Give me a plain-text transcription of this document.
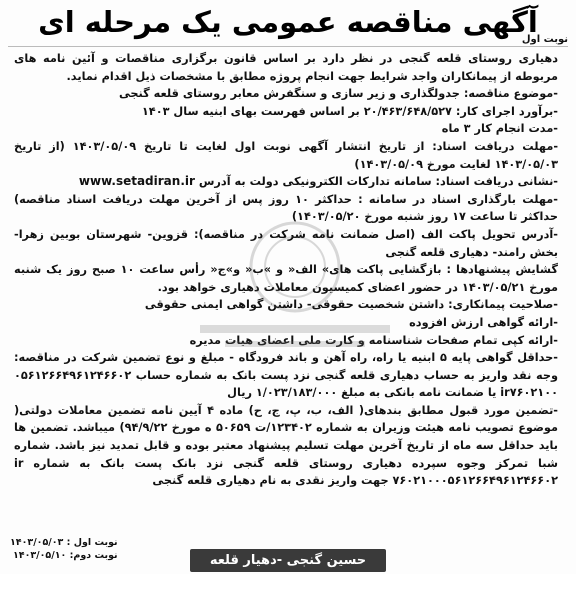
آگهی مناقصه عمومی یک مرحله ای
نوبت اول

دهیاری روستای قلعه گنجی در نظر دارد بر اساس قانون برگزاری مناقصات و آئین نامه های مربوطه از پیمانکاران واجد شرایط جهت انجام پروژه مطابق با مشخصات ذیل اقدام نماید.

-موضوع مناقصه: جدولگذاری و زیر سازی و سنگفرش معابر روستای قلعه گنجی

-برآورد اجرای کار: ۲۰/۴۶۳/۶۴۸/۵۲۷ بر اساس فهرست بهای ابنیه سال ۱۴۰۳

-مدت انجام کار ۳ ماه

-مهلت دریافت اسناد: از تاریخ انتشار آگهی نوبت اول لغایت تا تاریخ ۱۴۰۳/۰۵/۰۹ (از تاریخ ۱۴۰۳/۰۵/۰۳ لغایت مورخ ۱۴۰۳/۰۵/۰۹)

-نشانی دریافت اسناد: سامانه تدارکات الکترونیکی دولت به آدرس www.setadiran.ir

-مهلت بارگذاری اسناد در سامانه : حداکثر ۱۰ روز پس از آخرین مهلت دریافت اسناد مناقصه) حداکثر تا ساعت ۱۷ روز شنبه مورخ ۱۴۰۳/۰۵/۲۰)

-آدرس تحویل پاکت الف (اصل ضمانت نامه شرکت در مناقصه): قزوین- شهرستان بوبین زهرا- بخش رامند- دهیاری قلعه گنجی

گشایش پیشنهادها : بازگشایی پاکت های» الف« و »ب« و»ج« رأس ساعت ۱۰ صبح روز یک شنبه مورخ ۱۴۰۳/۰۵/۲۱ در حضور اعضای کمیسیون معاملات دهیاری خواهد بود.

-صلاحیت پیمانکاری: داشتن شخصیت حقوقی- داشتن گواهی ایمنی حقوقی

-ارائه گواهی ارزش افزوده

-ارائه کپی تمام صفحات شناسنامه و کارت ملی اعضای هیات مدیره

-حداقل گواهی پایه ۵ ابنیه یا راه، راه آهن و باند فرودگاه - مبلغ و نوع تضمین شرکت در مناقصه: وجه نقد واریز به حساب دهیاری قلعه گنجی نزد پست بانک به شماره حساب ۰۵۶۱۲۶۶۴۹۶۱۲۴۶۶۰۲ ir۷۶۰۲۱۰۰ یا ضمانت نامه بانکی به مبلغ ۱/۰۲۳/۱۸۳/۰۰۰ ریال

-تضمین مورد قبول مطابق بندهای( الف، ب، پ، ج، ح) ماده ۴ آیین نامه تضمین معاملات دولتی( موضوع تصویب نامه هیئت وزیران به شماره ۱۲۳۴۰۲/ت ۵۰۶۵۹ ه مورخ ۹۴/۹/۲۲) میباشد. تضمین ها باید حداقل سه ماه از تاریخ آخرین مهلت تسلیم پیشنهاد معتبر بوده و قابل تمدید نیز باشد. شماره شبا تمرکز وجوه سپرده دهیاری روستای قلعه گنجی نزد بانک پست بانک به شماره ir ۷۶۰۲۱۰۰۰۵۶۱۲۶۶۴۹۶۱۲۴۶۶۰۲ جهت واریز نقدی به نام دهیاری قلعه گنجی

نوبت اول : ۱۴۰۳/۰۵/۰۳
نوبت دوم: ۱۴۰۳/۰۵/۱۰	حسین گنجی -دهیار قلعه گنجی
